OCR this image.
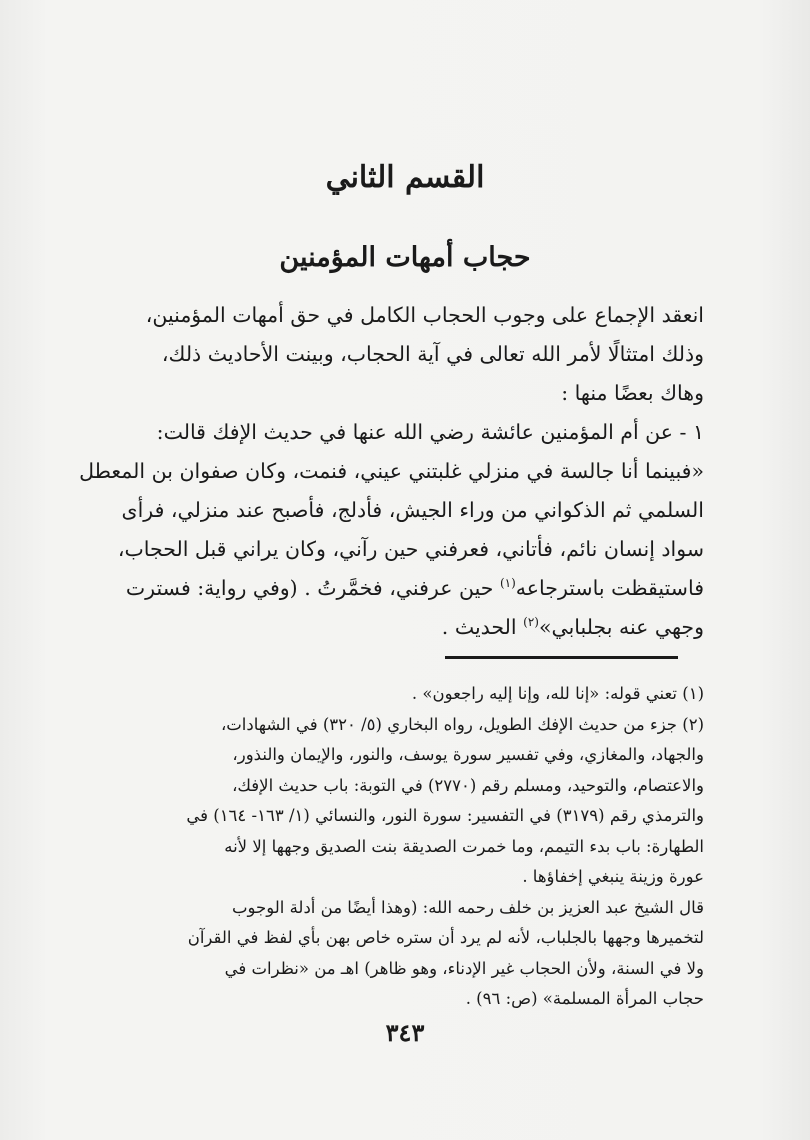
القسم الثاني
حجاب أمهات المؤمنين
انعقد الإجماع على وجوب الحجاب الكامل في حق أمهات المؤمنين،
وذلك امتثالًا لأمر الله تعالى في آية الحجاب، وبينت الأحاديث ذلك،
وهاك بعضًا منها :
١ - عن أم المؤمنين عائشة رضي الله عنها في حديث الإفك قالت:
«فبينما أنا جالسة في منزلي غلبتني عيني، فنمت، وكان صفوان بن المعطل
السلمي ثم الذكواني من وراء الجيش، فأدلج، فأصبح عند منزلي، فرأى
سواد إنسان نائم، فأتاني، فعرفني حين رآني، وكان يراني قبل الحجاب،
فاستيقظت باسترجاعه$^{(١)}$ حين عرفني، فخمَّرتُ . (وفي رواية: فسترت
وجهي عنه بجلبابي»$^{(٢)}$ الحديث .
(١) تعني قوله: «إنا لله، وإنا إليه راجعون» .
(٢) جزء من حديث الإفك الطويل، رواه البخاري (٥/ ٣٢٠) في الشهادات،
والجهاد، والمغازي، وفي تفسير سورة يوسف، والنور، والإيمان والنذور،
والاعتصام، والتوحيد، ومسلم رقم (٢٧٧٠) في التوبة: باب حديث الإفك،
والترمذي رقم (٣١٧٩) في التفسير: سورة النور، والنسائي (١/ ١٦٣- ١٦٤) في
الطهارة: باب بدء التيمم، وما خمرت الصديقة بنت الصديق وجهها إلا لأنه
عورة وزينة ينبغي إخفاؤها .
قال الشيخ عبد العزيز بن خلف رحمه الله: (وهذا أيضًا من أدلة الوجوب
لتخميرها وجهها بالجلباب، لأنه لم يرد أن ستره خاص بهن بأي لفظ في القرآن
ولا في السنة، ولأن الحجاب غير الإدناء، وهو ظاهر) اهـ من «نظرات في
حجاب المرأة المسلمة» (ص: ٩٦) .
٣٤٣
